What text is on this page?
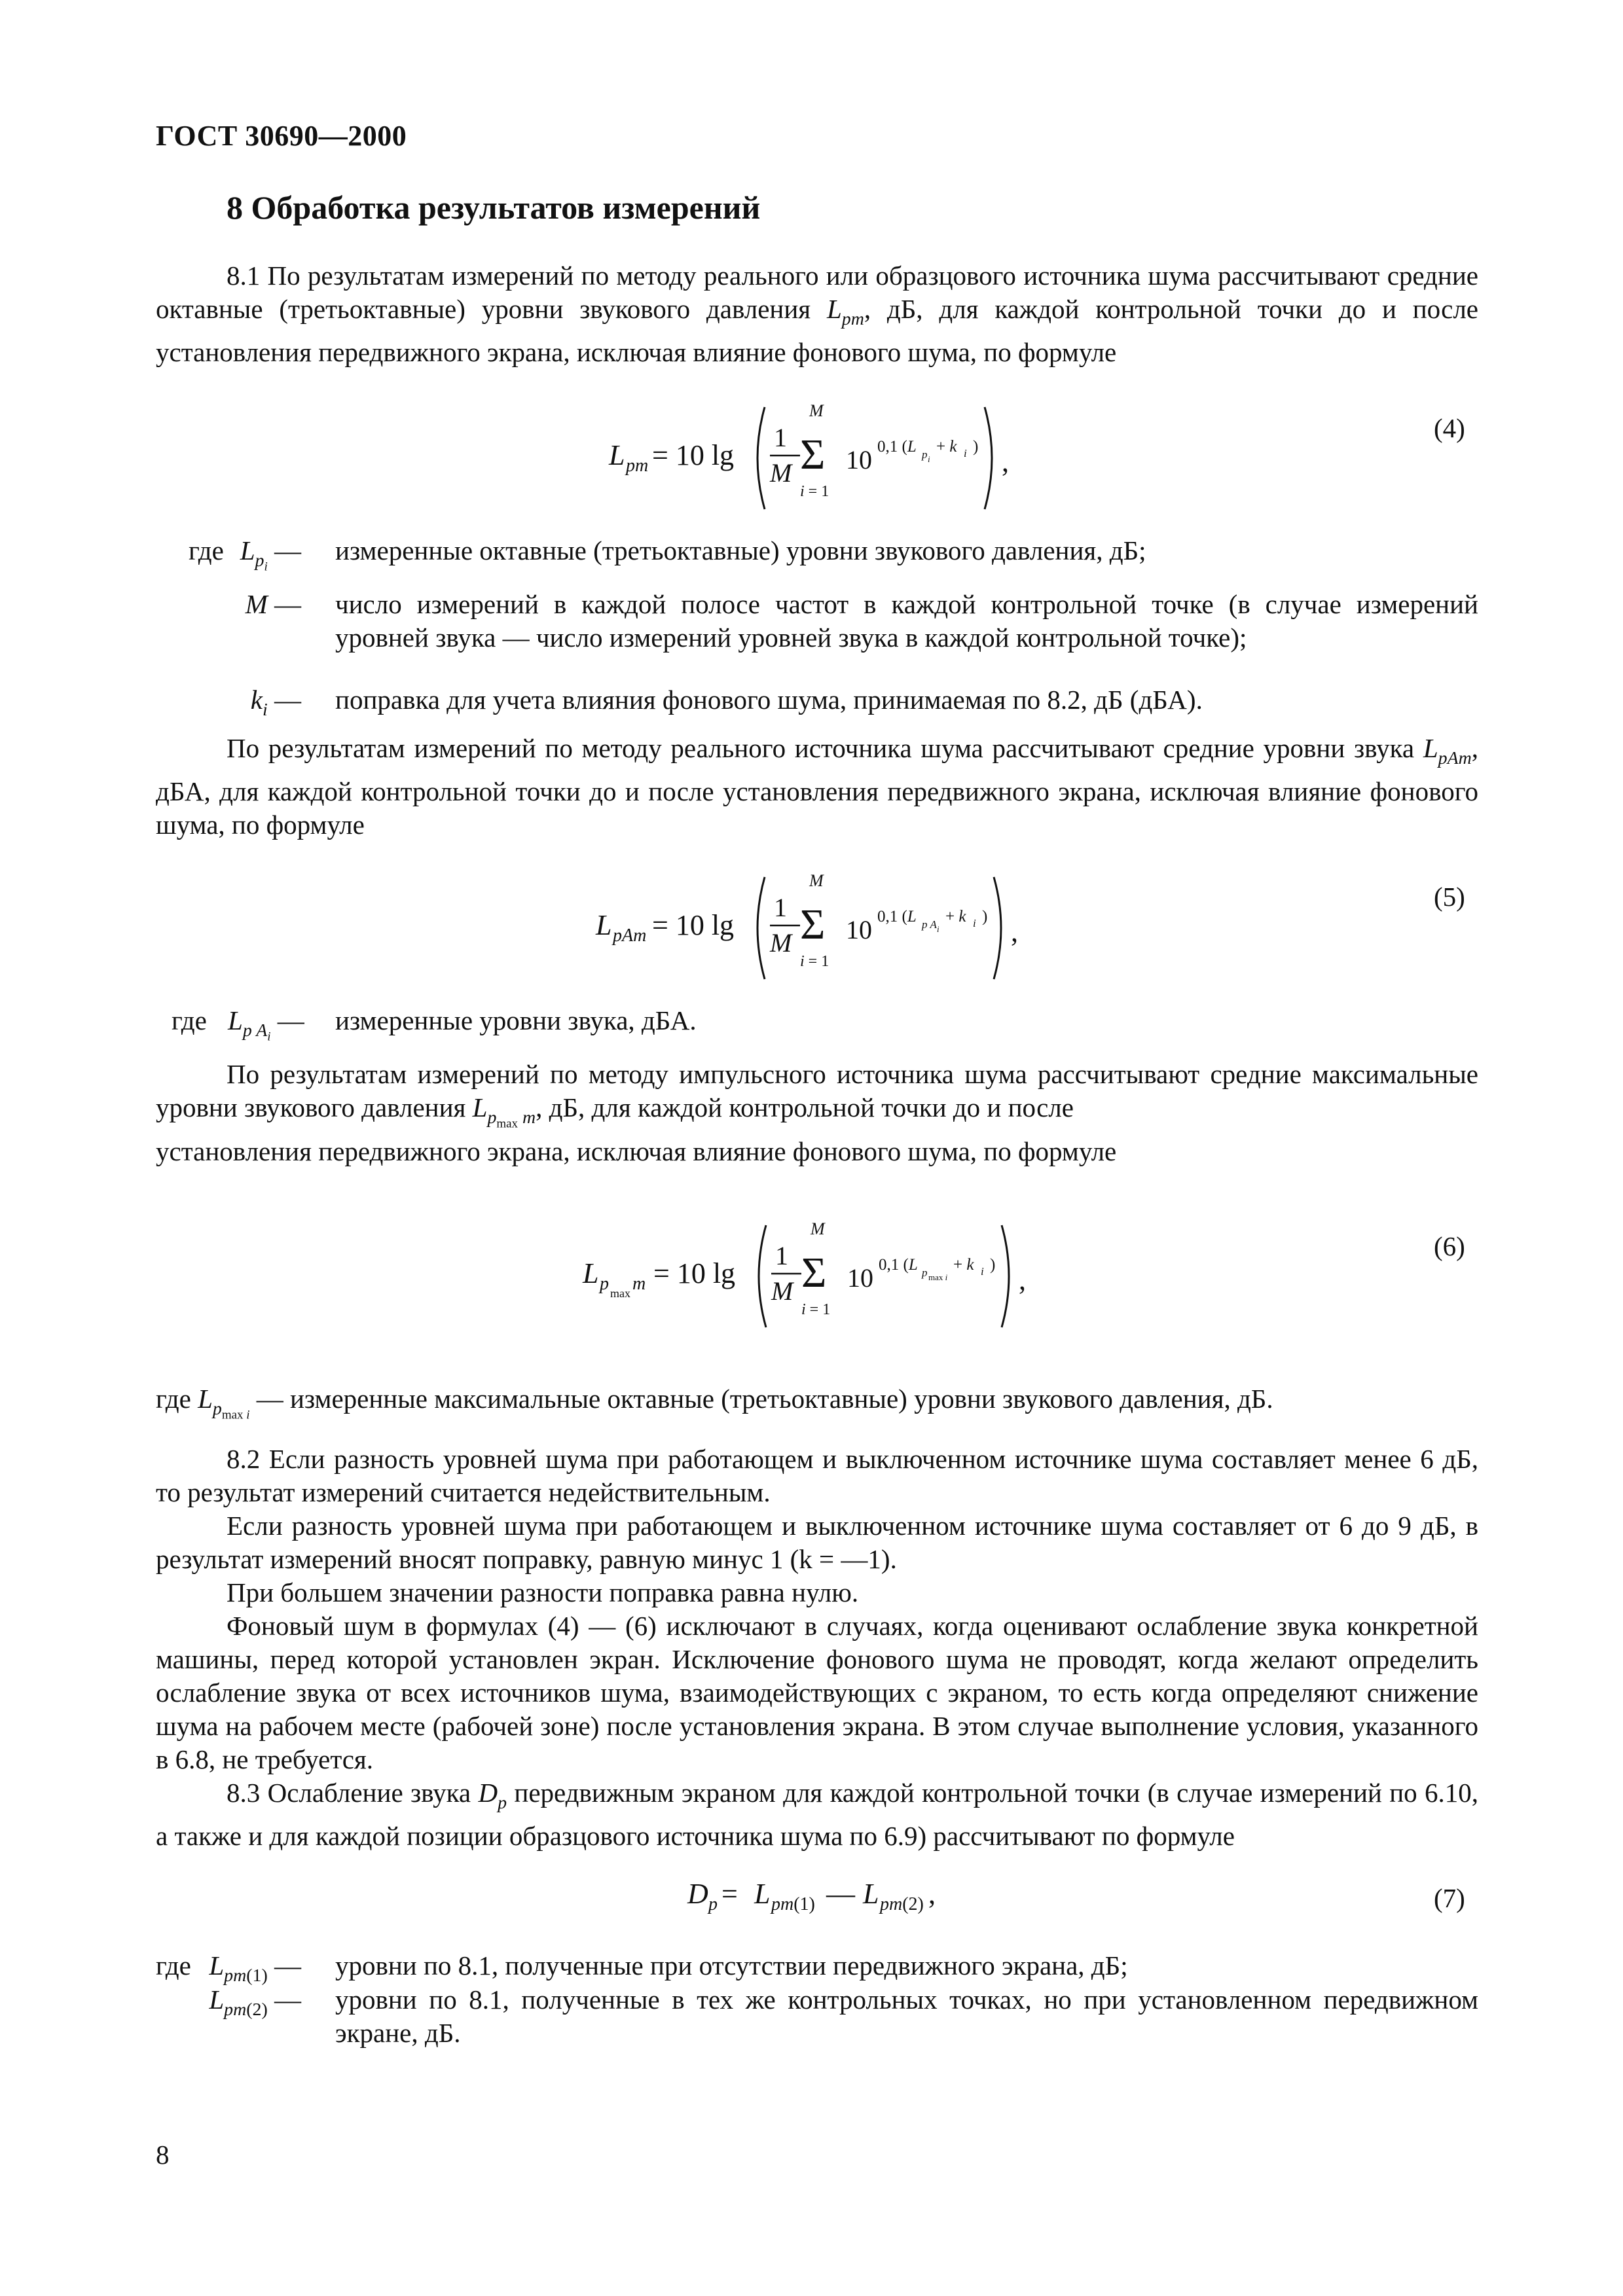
ГОСТ 30690—2000
8 Обработка результатов измерений
8.1 По результатам измерений по методу реального или образцового источника шума рассчитывают средние октавные (третьоктавные) уровни звукового давления $L_{pm}$, дБ, для каждой контрольной точки до и после установления передвижного экрана, исключая влияние фонового шума, по формуле
L pm = 10 lg
1
M
M
Σ
i = 1
10 0,1 (L p i
+ k i ) ,
(4)
где $L_{p_i}$ — измеренные октавные (третьоктавные) уровни звукового давления, дБ;
M — число измерений в каждой полосе частот в каждой контрольной точке (в случае измерений уровней звука — число измерений уровней звука в каждой контрольной точке);
$k_i$ — поправка для учета влияния фонового шума, принимаемая по 8.2, дБ (дБА).
По результатам измерений по методу реального источника шума рассчитывают средние уровни звука $L_{pAm}$, дБА, для каждой контрольной точки до и после установления передвижного экрана, исключая влияние фонового шума, по формуле
L pAm = 10 lg
1
M
M
Σ
i = 1
10 0,1 (L p A i
+ k i ) ,
(5)
где $L_{p A_i}$ — измеренные уровни звука, дБА.
По результатам измерений по методу импульсного источника шума рассчитывают средние максимальные уровни звукового давления $L_{p_{max} m}$, дБ, для каждой контрольной точки до и после
установления передвижного экрана, исключая влияние фонового шума, по формуле
L p max m = 10 lg
1
M
M
Σ
i = 1
10 0,1 (L p max i
+ k i ) ,
(6)
где $L_{p_{max i}}$ — измеренные максимальные октавные (третьоктавные) уровни звукового давления, дБ.
8.2 Если разность уровней шума при работающем и выключенном источнике шума составляет менее 6 дБ, то результат измерений считается недействительным.
Если разность уровней шума при работающем и выключенном источнике шума составляет от 6 до 9 дБ, в результат измерений вносят поправку, равную минус 1 (k = —1).
При большем значении разности поправка равна нулю.
Фоновый шум в формулах (4) — (6) исключают в случаях, когда оценивают ослабление звука конкретной машины, перед которой установлен экран. Исключение фонового шума не проводят, когда желают определить ослабление звука от всех источников шума, взаимодействующих с экраном, то есть когда определяют снижение шума на рабочем месте (рабочей зоне) после установления экрана. В этом случае выполнение условия, указанного в 6.8, не требуется.
8.3 Ослабление звука $D_p$ передвижным экраном для каждой контрольной точки (в случае измерений по 6.10, а также и для каждой позиции образцового источника шума по 6.9) рассчитывают по формуле
D p = L pm(1) — L pm(2) ,	(7)
где $L_{pm(1)}$ — уровни по 8.1, полученные при отсутствии передвижного экрана, дБ;
$L_{pm(2)}$ — уровни по 8.1, полученные в тех же контрольных точках, но при установленном передвижном экране, дБ.
8
